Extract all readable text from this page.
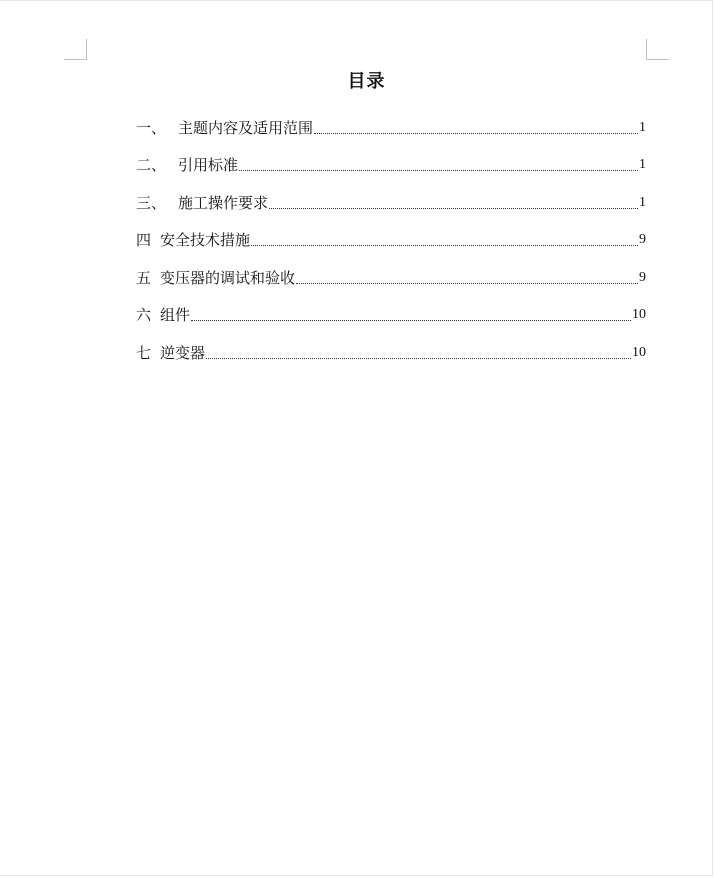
目录
一、 主题内容及适用范围	1
二、 引用标准	1
三、 施工操作要求	1
四 安全技术措施	9
五 变压器的调试和验收	9
六 组件	10
七 逆变器	10
